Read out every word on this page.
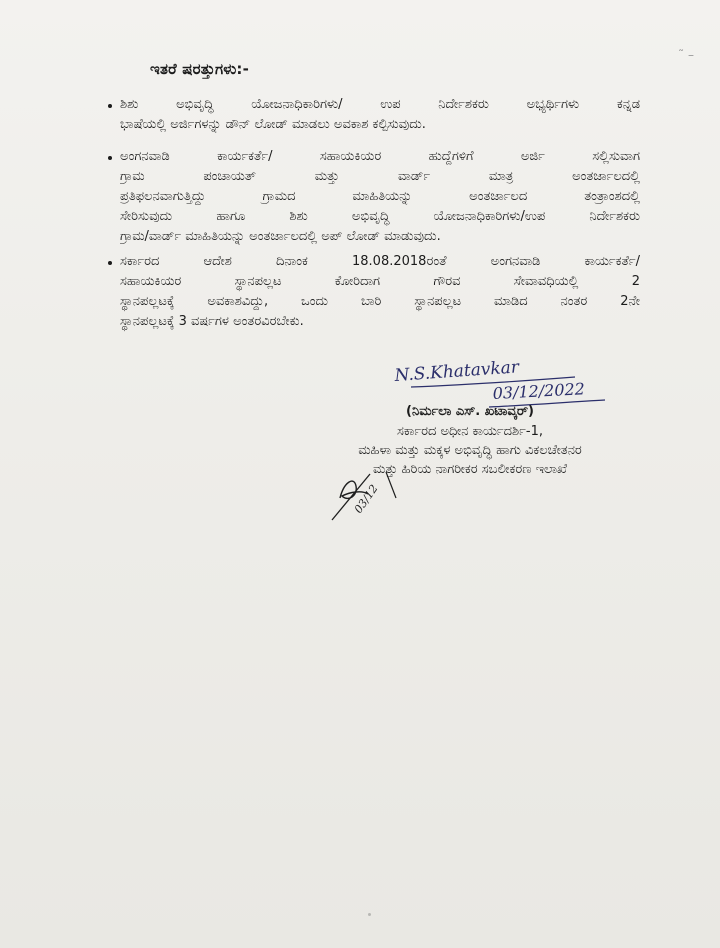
ಇತರೆ ಷರತ್ತುಗಳು:-
˜ –
ಶಿಶು ಅಭಿವೃದ್ಧಿ ಯೋಜನಾಧಿಕಾರಿಗಳು/ ಉಪ ನಿರ್ದೇಶಕರು ಅಭ್ಯರ್ಥಿಗಳು ಕನ್ನಡ
ಭಾಷೆಯಲ್ಲಿ ಅರ್ಜಿಗಳನ್ನು ಡೌನ್ ಲೋಡ್ ಮಾಡಲು ಅವಕಾಶ ಕಲ್ಪಿಸುವುದು.
ಅಂಗನವಾಡಿ ಕಾರ್ಯಕರ್ತೆ/ ಸಹಾಯಕಿಯರ ಹುದ್ದೆಗಳಿಗೆ ಅರ್ಜಿ ಸಲ್ಲಿಸುವಾಗ
ಗ್ರಾಮ ಪಂಚಾಯತ್ ಮತ್ತು ವಾರ್ಡ್ ಮಾತ್ರ ಅಂತರ್ಜಾಲದಲ್ಲಿ
ಪ್ರತಿಫಲನವಾಗುತ್ತಿದ್ದು ಗ್ರಾಮದ ಮಾಹಿತಿಯನ್ನು ಅಂತರ್ಜಾಲದ ತಂತ್ರಾಂಶದಲ್ಲಿ
ಸೇರಿಸುವುದು ಹಾಗೂ ಶಿಶು ಅಭಿವೃದ್ಧಿ ಯೋಜನಾಧಿಕಾರಿಗಳು/ಉಪ ನಿರ್ದೇಶಕರು
ಗ್ರಾಮ/ವಾರ್ಡ್ ಮಾಹಿತಿಯನ್ನು ಅಂತರ್ಜಾಲದಲ್ಲಿ ಅಪ್ ಲೋಡ್ ಮಾಡುವುದು.
ಸರ್ಕಾರದ ಆದೇಶ ದಿನಾಂಕ 18.08.2018ರಂತೆ ಅಂಗನವಾಡಿ ಕಾರ್ಯಕರ್ತೆ/
ಸಹಾಯಕಿಯರ ಸ್ಥಾನಪಲ್ಲಟ ಕೋರಿದಾಗ ಗೌರವ ಸೇವಾವಧಿಯಲ್ಲಿ 2
ಸ್ಥಾನಪಲ್ಲಟಕ್ಕೆ ಅವಕಾಶವಿದ್ದು, ಒಂದು ಬಾರಿ ಸ್ಥಾನಪಲ್ಲಟ ಮಾಡಿದ ನಂತರ 2ನೇ
ಸ್ಥಾನಪಲ್ಲಟಕ್ಕೆ 3 ವರ್ಷಗಳ ಅಂತರವಿರಬೇಕು.
N.S.Khatavkar
03/12/2022
(ನಿರ್ಮಲಾ ಎಸ್. ಖಟಾವ್ಕರ್)
ಸರ್ಕಾರದ ಅಧೀನ ಕಾರ್ಯದರ್ಶಿ-1,
ಮಹಿಳಾ ಮತ್ತು ಮಕ್ಕಳ ಅಭಿವೃದ್ಧಿ ಹಾಗು ವಿಕಲಚೇತನರ
ಮತ್ತು ಹಿರಿಯ ನಾಗರೀಕರ ಸಬಲೀಕರಣ ಇಲಾಖೆ
03/12
